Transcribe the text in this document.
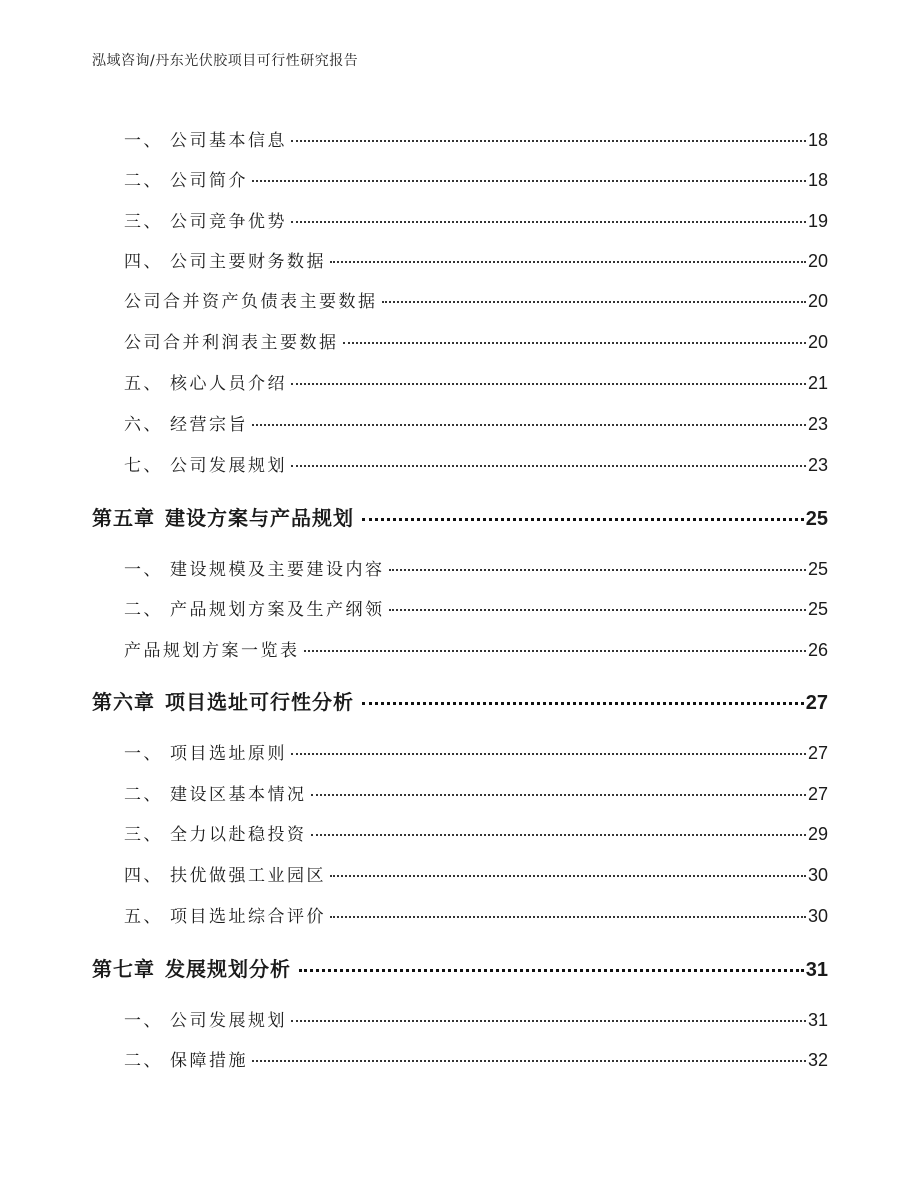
泓域咨询/丹东光伏胶项目可行性研究报告
一、 公司基本信息	18
二、 公司简介	18
三、 公司竞争优势	19
四、 公司主要财务数据	20
公司合并资产负债表主要数据	20
公司合并利润表主要数据	20
五、 核心人员介绍	21
六、 经营宗旨	23
七、 公司发展规划	23
第五章 建设方案与产品规划	25
一、 建设规模及主要建设内容	25
二、 产品规划方案及生产纲领	25
产品规划方案一览表	26
第六章 项目选址可行性分析	27
一、 项目选址原则	27
二、 建设区基本情况	27
三、 全力以赴稳投资	29
四、 扶优做强工业园区	30
五、 项目选址综合评价	30
第七章 发展规划分析	31
一、 公司发展规划	31
二、 保障措施	32
